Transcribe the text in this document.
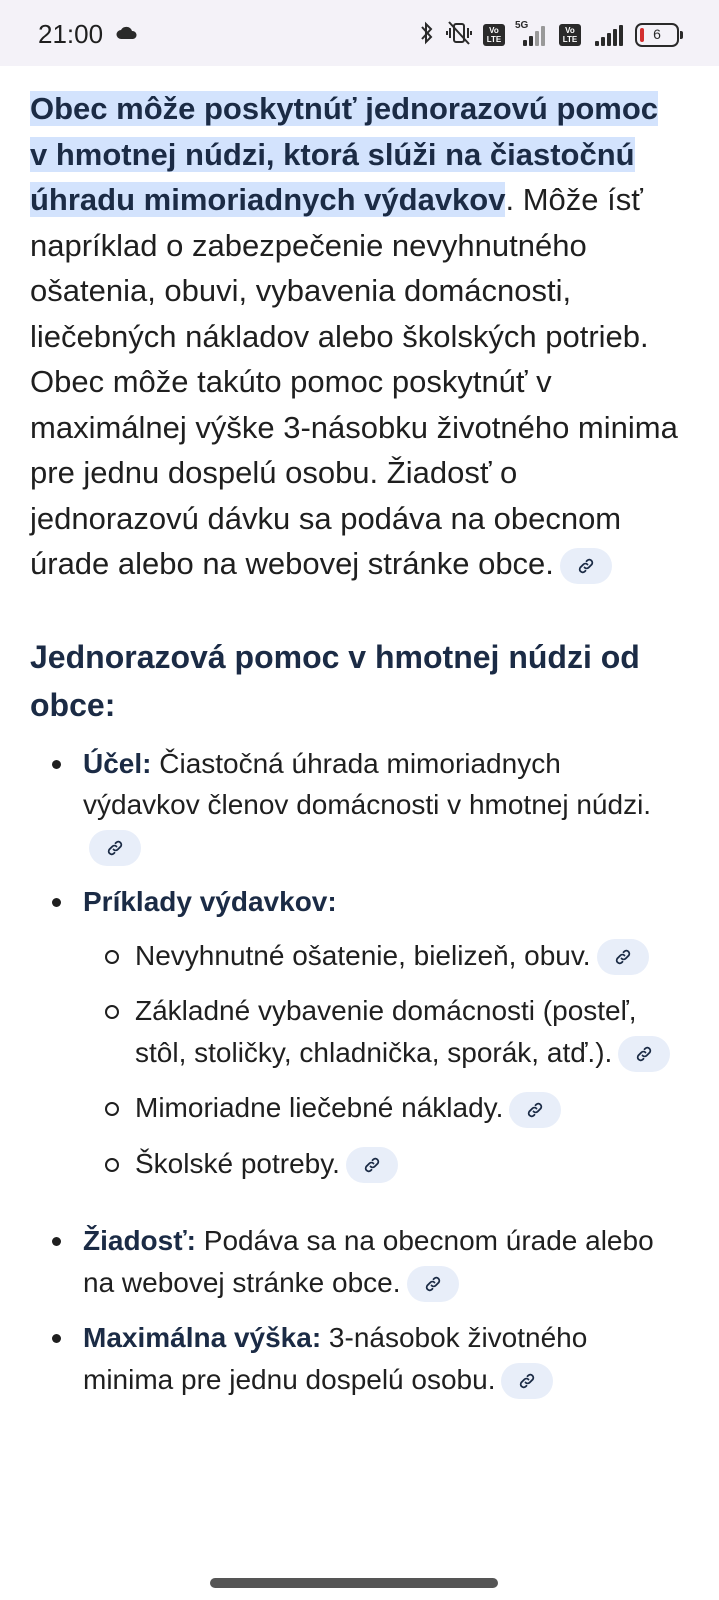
21:00	Vo
LTE
5G	Vo
LTE	6

Obec môže poskytnúť jednorazovú pomoc v hmotnej núdzi, ktorá slúži na čiastočnú úhradu mimoriadnych výdavkov. Môže ísť napríklad o zabezpečenie nevyhnutného ošatenia, obuvi, vybavenia domácnosti, liečebných nákladov alebo školských potrieb. Obec môže takúto pomoc poskytnúť v maximálnej výške 3-násobku životného minima pre jednu dospelú osobu. Žiadosť o jednorazovú dávku sa podáva na obecnom úrade alebo na webovej stránke obce.

Jednorazová pomoc v hmotnej núdzi od obce:
Účel: Čiastočná úhrada mimoriadnych výdavkov členov domácnosti v hmotnej núdzi.
Príklady výdavkov:
Nevyhnutné ošatenie, bielizeň, obuv.
Základné vybavenie domácnosti (posteľ, stôl, stoličky, chladnička, sporák, atď.).
Mimoriadne liečebné náklady.
Školské potreby.
Žiadosť: Podáva sa na obecnom úrade alebo na webovej stránke obce.
Maximálna výška: 3-násobok životného minima pre jednu dospelú osobu.
